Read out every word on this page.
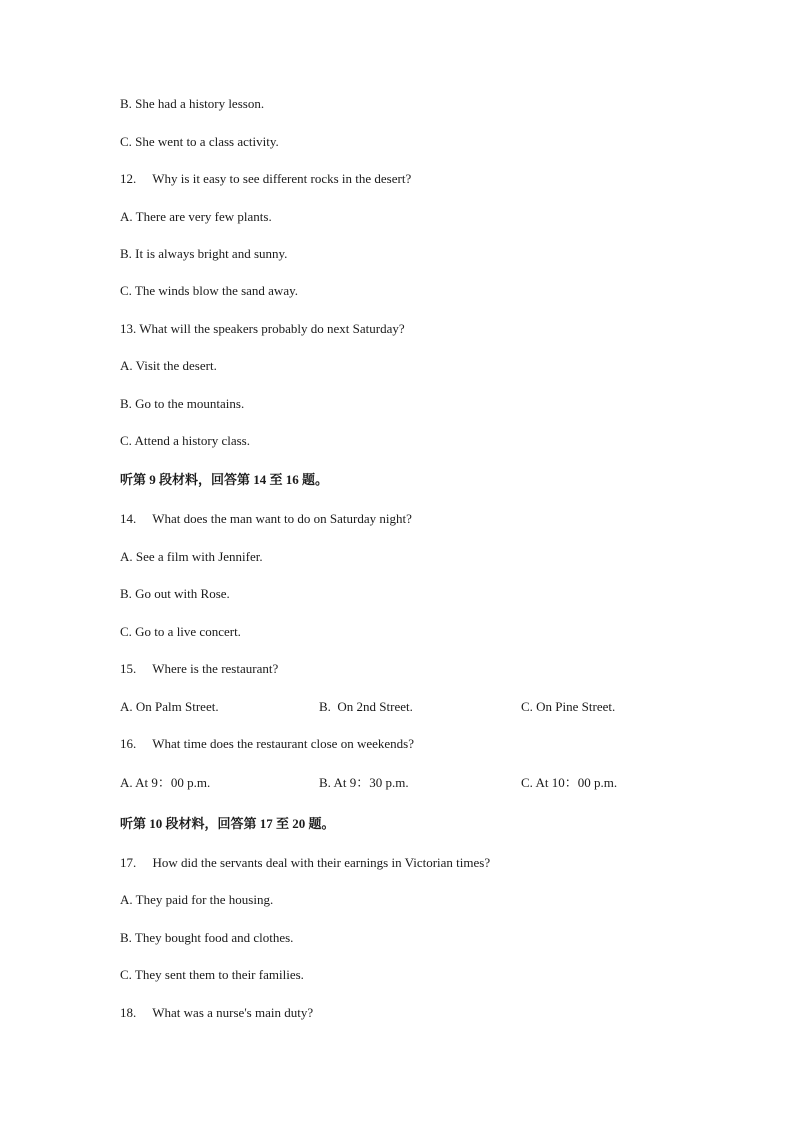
B. She had a history lesson.
C. She went to a class activity.
12.     Why is it easy to see different rocks in the desert?
A. There are very few plants.
B. It is always bright and sunny.
C. The winds blow the sand away.
13. What will the speakers probably do next Saturday?
A. Visit the desert.
B. Go to the mountains.
C. Attend a history class.
听第 9 段材料，回答第 14 至 16 题。
14.     What does the man want to do on Saturday night?
A. See a film with Jennifer.
B. Go out with Rose.
C. Go to a live concert.
15.     Where is the restaurant?
A. On Palm Street.	B.  On 2nd Street.	C. On Pine Street.
16.     What time does the restaurant close on weekends?
A. At 9：00 p.m.	B. At 9：30 p.m.	C. At 10：00 p.m.
听第 10 段材料，回答第 17 至 20 题。
17.     How did the servants deal with their earnings in Victorian times?
A. They paid for the housing.
B. They bought food and clothes.
C. They sent them to their families.
18.     What was a nurse's main duty?
